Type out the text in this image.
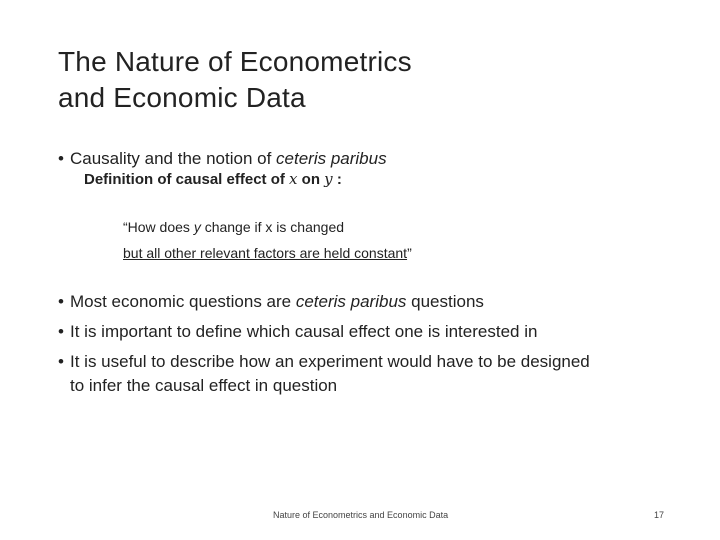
The Nature of Econometrics
and Economic Data
• Causality and the notion of ceteris paribus
Definition of causal effect of x on y :
“How does y change if x is changed
but all other relevant factors are held constant”
• Most economic questions are ceteris paribus questions
• It is important to define which causal effect one is interested in
• It is useful to describe how an experiment would have to be designed
to infer the causal effect in question
Nature of Econometrics and Economic Data	17
